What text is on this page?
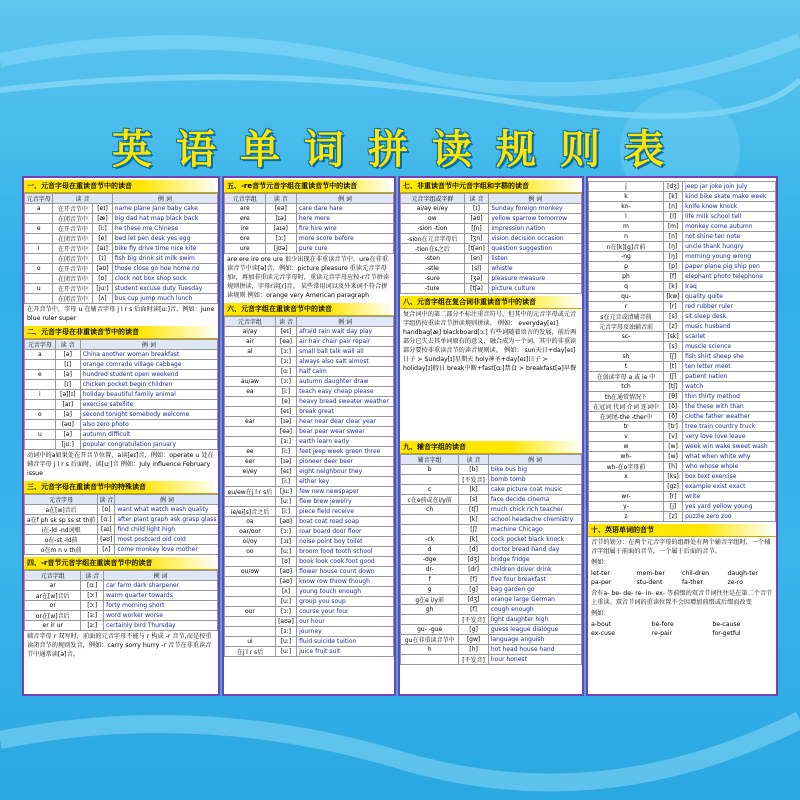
英语单词拼读规则表
一、元音字母在重读音节中的读音
元音字母	读 音		例 词
a	在开音节中	[eɪ]	name plane Jane baby cake
	在闭音节中	[æ]	big dad hat map black back
e	在开音节中	[iː]	he these me Chinese
	在闭音节中	[e]	bed let pen desk yes egg
i	在开音节中	[aɪ]	bike fly drive time nice kite
	在闭音节中	[ɪ]	fish big drink sit milk swim
o	在开音节中	[əʊ]	those close go hoe home no
	在闭音节中	[ɒ]	clock not box shop sock
u	在开音节中	[juː]	student excuse duty Tuesday
	在闭音节中	[ʌ]	bus cup jump much lunch
在开音节中，字母 u 在辅音字母 j l r s 后面时读[uː]音，例如：June blue ruler super
二、元音字母在非重读音节中的读音
元音字母	读 音	例 词
a	[ə]	China another woman breakfast
	[ɪ]	orange comrade village cabbage
e	[ə]	hundred student open weekend
	[ɪ]	chicken pocket begin children
i	[ə][ɪ]	holiday beautiful family animal
	[aɪ]	exercise satellite
o	[ə]	second tonight somebody welcome
	[əʊ]	also zero photo
u	[ə]	autumn difficult
	[juː]	popular congratulation January
动词中的a如果处在开音节位置，a读[eɪ]音，例如：operate u 处在辅音字母 j l r s 后面时，读[uː]音 例如：July influence February issue
三、元音字母在重读音节中的特殊读音
元音字母	读 音	例 词
a在[w]音后	[ɒ]	want what watch wash quality
a在f ph sk sp ss st th前	[ɑː]	after plant graph ask grasp glass
i在-ld -nd词根	[aɪ]	find child light high
o在-st -ld前	[əʊ]	most postcard old cold
o在m n v th前	[ʌ]	come monkey love mother
四、-r音节元音字组在重读音节中的读音
元音字组	读 音	例 词
ar	[ɑː]	car farm dark sharpener
ar在[w]音后	[ɔː]	warm quarter towards
or	[ɔː]	forty morning short
or在[w]音后	[ɜː]	word worker worse
er ir ur	[ɜː]	certainly bird Thursday
辅音字母 r 双写时，前面的元音字母不能与 r 构成 -r 音节,而是按重读闭音节的规则发音，例如：carry sorry hurry -r 音节在非重读音节中通常读[ə]音。
五、-re音节元音字组在重读音节中的读音
元音字组	读 音	例 词
are	[eə]	care dare hare
ere	[ɪə]	here mere
ire	[aɪə]	fire hire wire
ore	[ɔː]	more score before
ure	[jʊə]	pure cure
are ere ire ore ure 很少出现在非重读音节中，ure在非重读音节中读[ə]音，例如：picture pleasure 重读元音字母加r，再加非重读元音字母时，重读元音字母应按-r音节拼读规则拼读，字母r读[r]音。 某些常用词以及外来词不符合拼读规则 例如：orange very American paragraph
六、元音字组在重读音节中的读音
元音字组	读 音	例 词
ai/ay	[eɪ]	afraid rain wait day play
air	[eə]	air hair chair pair repair
al	[ɔː]	small ball talk wall all
	[ɔː]	always also salt almost
	[ɑː]	half calm
au/aw	[ɔː]	autumn daughter draw
ea	[iː]	teach easy cheap please
	[e]	heavy bread sweater weather
	[eɪ]	break great
ear	[ɪə]	hear near dear clear year
	[eə]	bear pear wear swear
	[ɜː]	earth learn early
ee	[iː]	feet jeep week green three
eer	[ɪə]	pioneer deer beer
ei/ey	[eɪ]	eight neighbour they
	[iː]	either key
eu/ew在j l r s后	[juː]	few new newspaper
	[uː]	flew brew jewelry
ie/ei[s]音之后	[iː]	piece field receive
oa	[əʊ]	boat coat road soap
oar/oor	[ɔː]	roar board door floor
oi/oy	[ɔɪ]	noise point boy toilet
oo	[uː]	broom food tooth school
	[ʊ]	book look cook foot good
ou/ow	[aʊ]	flower house count down
	[əʊ]	know row throw though
	[ʌ]	young touch enough
	[uː]	group you soup
our	[ɔː]	course your four
	[aʊə]	our hour
	[ɜː]	journey
ui	[uː]	fluid suicide tuition
在j l r s后	[uː]	juice fruit suit
七、非重读音节中元音字组和字群的读音
元音字组或字群	读 音	例 词
ai/ay ei/ey	[ɪ]	Sunday foreign monkey
ow	[əʊ]	yellow sparrow tomorrow
-sion -tion	[ʃn]	impression nation
-sion在元音字母后	[ʒn]	vision decision occasion
-tion在s之后	[tʃən]	question suggestion
-sten	[sn]	listen
-stle	[sl]	whistle
-sure	[ʒə]	pleasure measure
-ture	[tʃə]	picture culture
八、元音字组在复合词非重读音节中的读音
复合词中的第二部分不标注重音符号，但其中的元音字母或元音字组仍按重读音节拼读规则拼读。 例如： everyday[eɪ] handbag[æ] blackboard[ɔː] 有些词随着语言的发展，前后两部分已失去其单词原有的意义，融合成为一个词，其中的非重读部分要按非重读音节的读音规则读。 例如： sun天日+day[eɪ]日子 > Sunday[ɪ]星期天 holy神圣+day[eɪ]日子 > holiday[ɪ]假日 break中断+fast[ɑː]禁食 > breakfast[ə]早餐
九、辅音字组的读音
辅音字组	读 音	例 词
b	[b]	bike bus big
	[不发音]	bomb tomb
c	[k]	cake picture coat music
c在e前或在i/y前	[s]	face decide cinema
ch	[tʃ]	much chick rich teacher
	[k]	school headache chemistry
	[ʃ]	machine Chicago
-ck	[k]	cock pocket black knock
d	[d]	doctor bread hand day
-dge	[dʒ]	bridge fridge
dr-	[dr]	children driver drink
f	[f]	five four breakfast
g	[g]	bag garden go
g在e i/y前	[dʒ]	orange large German
gh	[f]	cough enough
	[不发音]	light daughter high
gu- -gue	[g]	guess league dialogue
gu在非重读音节中	[gw]	language anguish
h	[h]	hot head house hand
	[不发音]	hour honest
j	[dʒ]	jeep jar joke join July
k	[k]	kind bike skate make week
kn-	[n]	knife know knock
l	[l]	life milk school tell
m	[m]	monkey come autumn
n	[n]	not shine ten note
n在[k][g]音前	[ŋ]	uncle thank hungry
-ng	[ŋ]	morning young wrong
p	[p]	paper plane pig ship pen
ph	[f]	elephant photo telephone
q	[k]	Iraq
qu-	[kw]	quality quite
r	[r]	red rubber ruler
s在元音或清辅音前	[s]	sit sleep desk
元音字母及浊辅音前	[z]	music husband
sc-	[sk]	scarlet
	[s]	muscle science
sh	[ʃ]	fish shirt sheep she
t	[t]	ten letter meet
在弱读字母 a 或 ie 中	[ʃ]	patient nation
tch	[tʃ]	watch
th在通常情况下	[θ]	thin thirty method
在冠词 代词 介词 连词中	[ð]	the these with than
在词尾-the -ther中	[ð]	clothe father weather
tr	[tr]	tree train country truck
v	[v]	very love love leave
w	[w]	week win wake sweet wash
wh-	[w]	what when white why
wh-在o字母前	[h]	who whose whole
x	[ks]	box text exercise
	[gz]	example exist exact
wr-	[r]	write
y-	[j]	yes yard yellow young
z	[z]	puzzle zero zoo
十、英语单词的音节
音节的划分：在两个元音字母的组群处有两个辅音字组时，一个辅音字组属于前面的音节，一个属于后面的音节。
例如：
let-ter	mem-ber	chil-dren	daugh-ter
pa-per	stu-dent	fa-ther	ze-ro
含有a- be- de- re- in- ex- 等前缀的双音节词往往是在第二个音节上重读。双音节词的重读位置不会因增加前缀或后缀而改变
例如：
a-bout	be-fore	be-cause
ex-cuse	re-pair	for-getful
